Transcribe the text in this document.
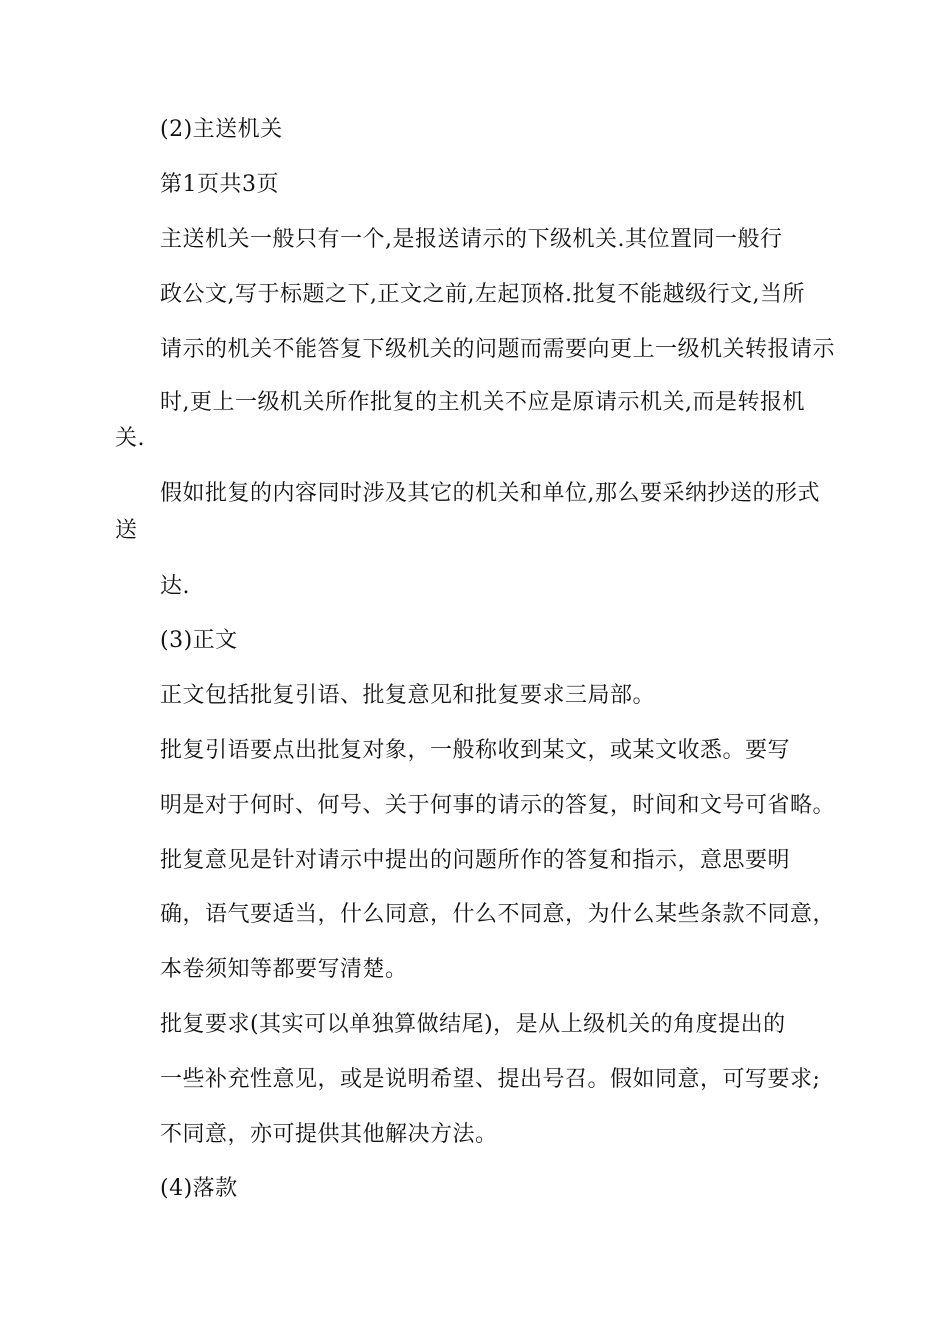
(2)主送机关

第1页共3页

主送机关一般只有一个,是报送请示的下级机关.其位置同一般行

政公文,写于标题之下,正文之前,左起顶格.批复不能越级行文,当所

请示的机关不能答复下级机关的问题而需要向更上一级机关转报请示

时,更上一级机关所作批复的主机关不应是原请示机关,而是转报机

关.

假如批复的内容同时涉及其它的机关和单位,那么要采纳抄送的形式

送

达.

(3)正文

正文包括批复引语、批复意见和批复要求三局部。

批复引语要点出批复对象，一般称收到某文，或某文收悉。要写

明是对于何时、何号、关于何事的请示的答复，时间和文号可省略。

批复意见是针对请示中提出的问题所作的答复和指示，意思要明

确，语气要适当，什么同意，什么不同意，为什么某些条款不同意，

本卷须知等都要写清楚。

批复要求(其实可以单独算做结尾)，是从上级机关的角度提出的

一些补充性意见，或是说明希望、提出号召。假如同意，可写要求;

不同意，亦可提供其他解决方法。

(4)落款
